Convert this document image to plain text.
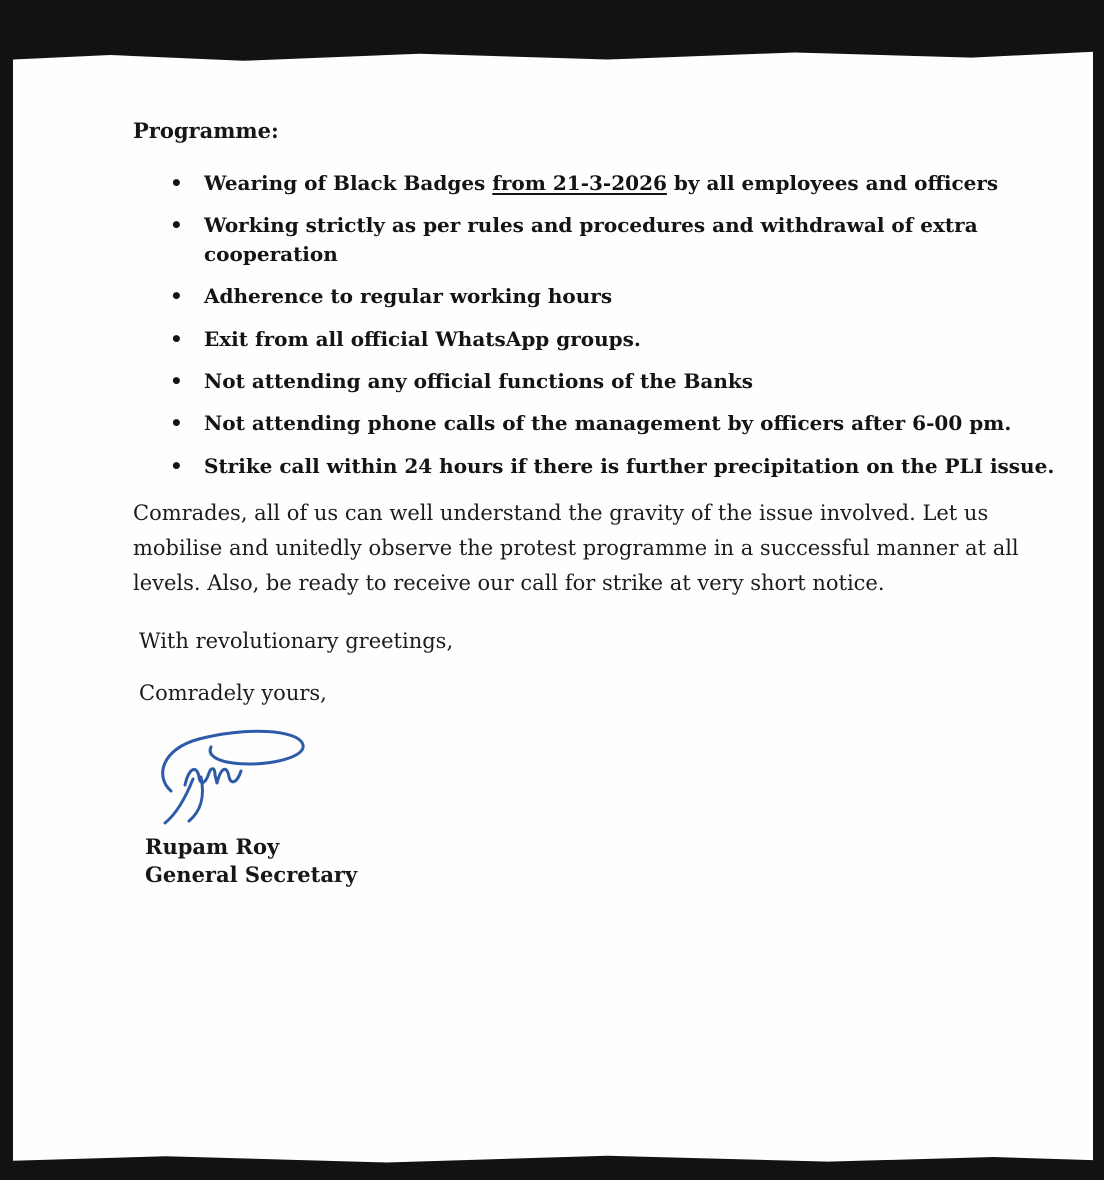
Programme:

• Wearing of Black Badges from 21-3-2026 by all employees and officers
• Working strictly as per rules and procedures and withdrawal of extra cooperation
• Adherence to regular working hours
• Exit from all official WhatsApp groups.
• Not attending any official functions of the Banks
• Not attending phone calls of the management by officers after 6-00 pm.
• Strike call within 24 hours if there is further precipitation on the PLI issue.

Comrades, all of us can well understand the gravity of the issue involved. Let us mobilise and unitedly observe the protest programme in a successful manner at all levels. Also, be ready to receive our call for strike at very short notice.

With revolutionary greetings,

Comradely yours,

Rupam Roy

General Secretary
